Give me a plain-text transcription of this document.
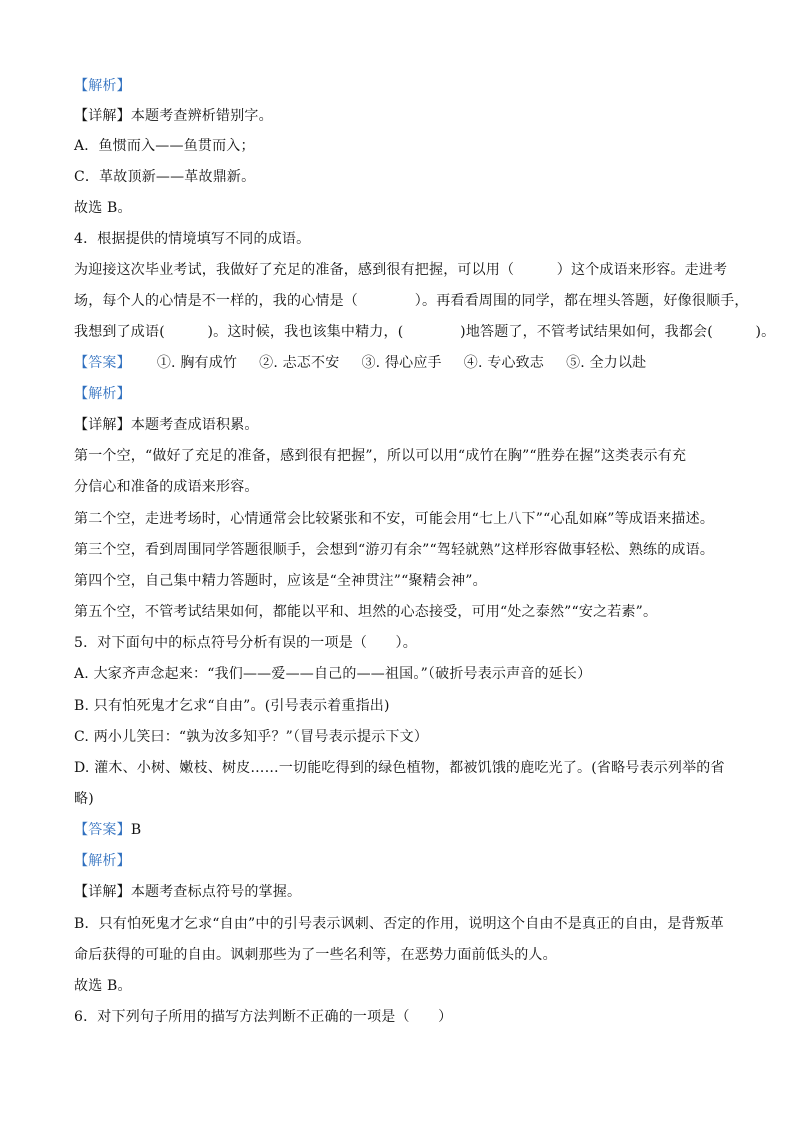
【解析】
【详解】本题考查辨析错别字。
A．鱼惯而入——鱼贯而入；
C．革故顶新——革故鼎新。
故选 B。
4．根据提供的情境填写不同的成语。
为迎接这次毕业考试，我做好了充足的准备，感到很有把握，可以用（　　　）这个成语来形容。走进考
场，每个人的心情是不一样的，我的心情是（　　　　）。再看看周围的同学，都在埋头答题，好像很顺手，
我想到了成语(　　　)。这时候，我也该集中精力，(　　　　)地答题了，不管考试结果如何，我都会(　　　)。
【答案】 ①. 胸有成竹 ②. 忐忑不安 ③. 得心应手 ④. 专心致志 ⑤. 全力以赴
【解析】
【详解】本题考查成语积累。
第一个空，“做好了充足的准备，感到很有把握”，所以可以用“成竹在胸”“胜券在握”这类表示有充
分信心和准备的成语来形容。
第二个空，走进考场时，心情通常会比较紧张和不安，可能会用“七上八下”“心乱如麻”等成语来描述。
第三个空，看到周围同学答题很顺手，会想到“游刃有余”“驾轻就熟”这样形容做事轻松、熟练的成语。
第四个空，自己集中精力答题时，应该是“全神贯注”“聚精会神”。
第五个空，不管考试结果如何，都能以平和、坦然的心态接受，可用“处之泰然”“安之若素”。
5．对下面句中的标点符号分析有误的一项是（　　）。
A. 大家齐声念起来：“我们——爱——自己的——祖国。”（破折号表示声音的延长）
B. 只有怕死鬼才乞求“自由”。(引号表示着重指出)
C. 两小儿笑曰：“孰为汝多知乎？”（冒号表示提示下文）
D. 灌木、小树、嫩枝、树皮……一切能吃得到的绿色植物，都被饥饿的鹿吃光了。(省略号表示列举的省
略)
【答案】B
【解析】
【详解】本题考查标点符号的掌握。
B．只有怕死鬼才乞求“自由”中的引号表示讽刺、否定的作用，说明这个自由不是真正的自由，是背叛革
命后获得的可耻的自由。讽刺那些为了一些名利等，在恶势力面前低头的人。
故选 B。
6．对下列句子所用的描写方法判断不正确的一项是（　　）
